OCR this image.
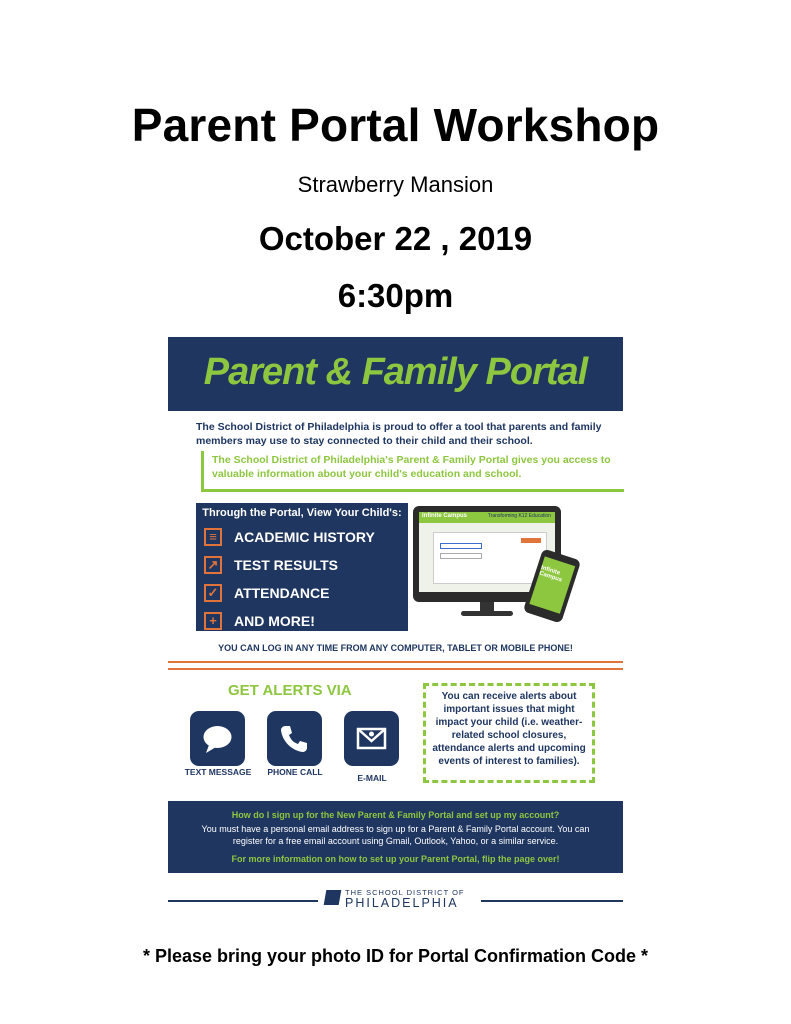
Parent Portal Workshop
Strawberry Mansion
October 22 , 2019
6:30pm
Parent & Family Portal
The School District of Philadelphia is proud to offer a tool that parents and family members may use to stay connected to their child and their school.
The School District of Philadelphia's Parent & Family Portal gives you access to valuable information about your child's education and school.
Through the Portal, View Your Child's:
≡	ACADEMIC HISTORY
↗ TEST RESULTS
✓ ATTENDANCE
+	AND MORE!
Infinite Campus	Transforming K12 Education
Infinite Campus
YOU CAN LOG IN ANY TIME FROM ANY COMPUTER, TABLET OR MOBILE PHONE!
GET ALERTS VIA
TEXT MESSAGE	PHONE CALL
E-MAIL
You can receive alerts about important issues that might impact your child (i.e. weather-related school closures, attendance alerts and upcoming events of interest to families).
How do I sign up for the New Parent & Family Portal and set up my account?
You must have a personal email address to sign up for a Parent & Family Portal account. You can register for a free email account using Gmail, Outlook, Yahoo, or a similar service.
For more information on how to set up your Parent Portal, flip the page over!
THE SCHOOL DISTRICT OF
PHILADELPHIA
* Please bring your photo ID for Portal Confirmation Code *
